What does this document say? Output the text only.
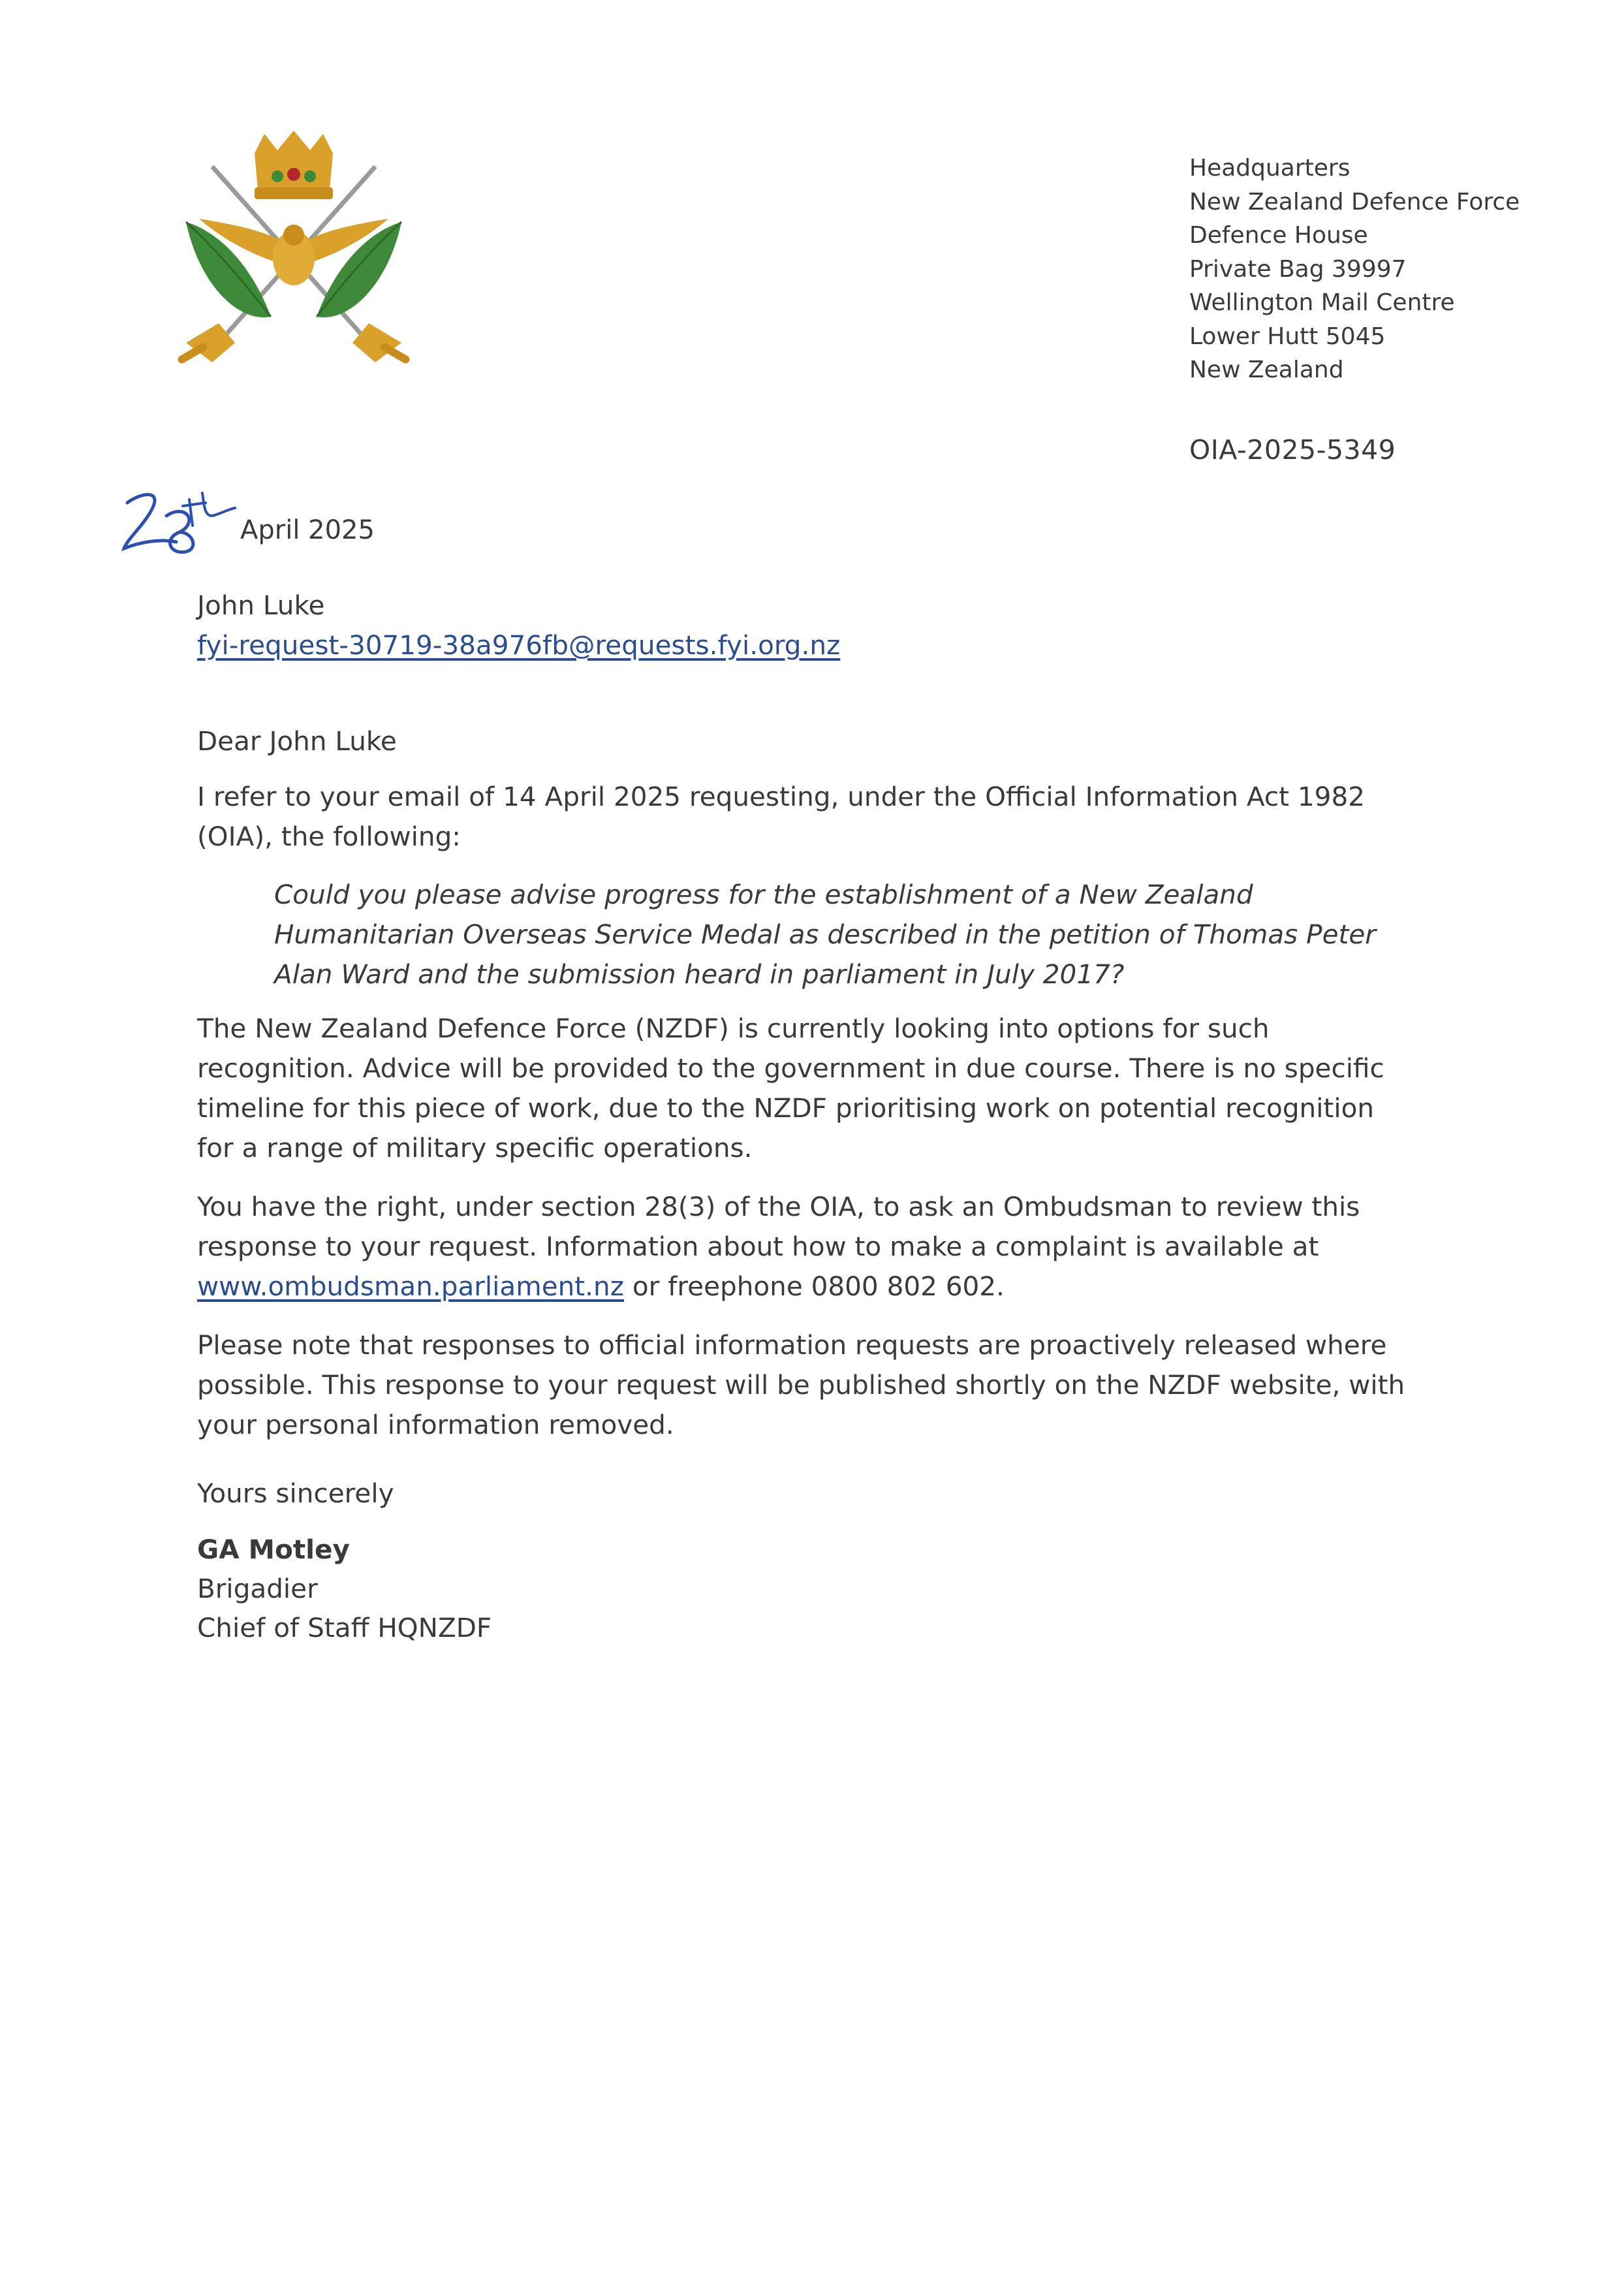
Headquarters
New Zealand Defence Force
Defence House
Private Bag 39997
Wellington Mail Centre
Lower Hutt 5045
New Zealand
OIA-2025-5349
April 2025
John Luke
fyi-request-30719-38a976fb@requests.fyi.org.nz
Dear John Luke
I refer to your email of 14 April 2025 requesting, under the Official Information Act 1982
(OIA), the following:
Could you please advise progress for the establishment of a New Zealand
Humanitarian Overseas Service Medal as described in the petition of Thomas Peter
Alan Ward and the submission heard in parliament in July 2017?
The New Zealand Defence Force (NZDF) is currently looking into options for such
recognition. Advice will be provided to the government in due course. There is no specific
timeline for this piece of work, due to the NZDF prioritising work on potential recognition
for a range of military specific operations.
You have the right, under section 28(3) of the OIA, to ask an Ombudsman to review this
response to your request. Information about how to make a complaint is available at
www.ombudsman.parliament.nz or freephone 0800 802 602.
Please note that responses to official information requests are proactively released where
possible. This response to your request will be published shortly on the NZDF website, with
your personal information removed.
Yours sincerely
GA Motley
Brigadier
Chief of Staff HQNZDF
